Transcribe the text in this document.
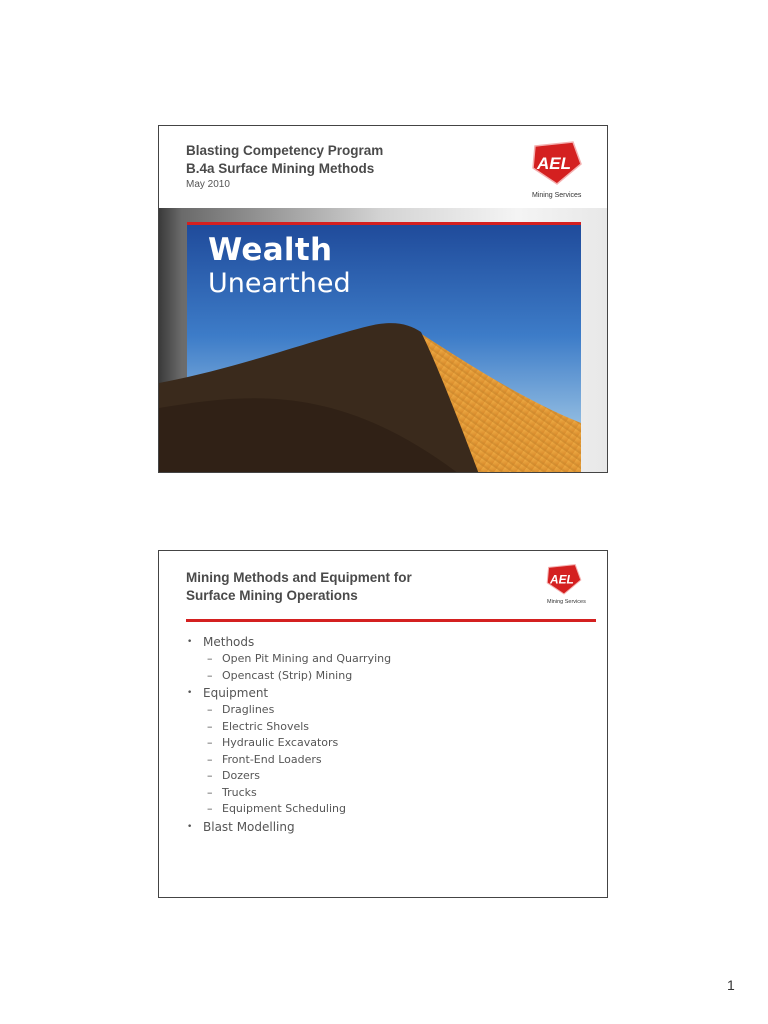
Blasting Competency Program
B.4a Surface Mining Methods
May 2010
AEL
Mining Services
Wealth
Unearthed
Mining Methods and Equipment for
Surface Mining Operations
AEL
Mining Services
• Methods
– Open Pit Mining and Quarrying
– Opencast (Strip) Mining
• Equipment
– Draglines
– Electric Shovels
– Hydraulic Excavators
– Front-End Loaders
– Dozers
– Trucks
– Equipment Scheduling
• Blast Modelling
1
